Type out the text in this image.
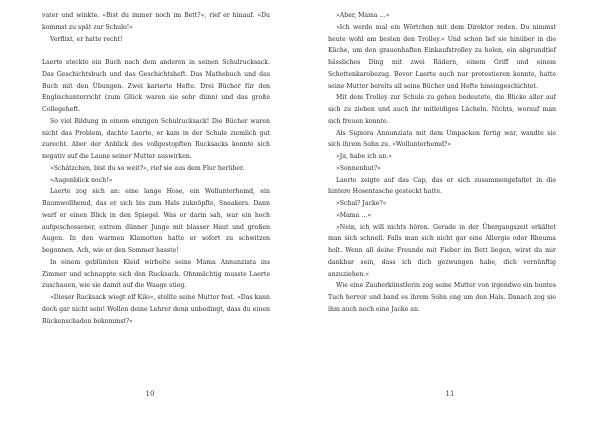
vater und winkte. »Bist du immer noch im Bett?«, rief er hinauf. »Du kommst zu spät zur Schule!«

Verflixt, er hatte recht!

Laerte steckte ein Buch nach dem anderen in seinen Schulrucksack. Das Geschichtsbuch und das Geschichtsheft. Das Mathebuch und das Buch mit den Übungen. Zwei karierte Hefte. Drei Bücher für den Englischunterricht (zum Glück waren sie sehr dünn) und das große Collegeheft.

So viel Bildung in einem einzigen Schulrucksack! Die Bücher waren nicht das Problem, dachte Laerte, er kam in der Schule ziemlich gut zurecht. Aber der Anblick des vollgestopften Rucksacks konnte sich negativ auf die Laune seiner Mutter auswirken.

»Schätzchen, bist du so weit?«, rief sie aus dem Flur herüber.

»Augenblick noch!«

Laerte zog sich an: eine lange Hose, ein Wollunterhemd, ein Baumwollhemd, das er sich bis zum Hals zuknöpfte, Sneakers. Dann warf er einen Blick in den Spiegel. Was er darin sah, war ein hoch aufgeschossener, extrem dünner Junge mit blasser Haut und großen Augen. In den warmen Klamotten hatte er sofort zu schwitzen begonnen. Ach, wie er den Sommer hasste!

In einem geblümten Kleid wirbelte seine Mama Annunziata ins Zimmer und schnappte sich den Rucksack. Ohnmächtig musste Laerte zuschauen, wie sie damit auf die Waage stieg.

»Dieser Rucksack wiegt elf Kilo«, stellte seine Mutter fest. »Das kann doch gar nicht sein! Wollen deine Lehrer denn unbedingt, dass du einen Rückenschaden bekommst?«

10

»Aber, Mama …«

»Ich werde mal ein Wörtchen mit dem Direktor reden. Du nimmst heute wohl am besten den Trolley.« Und schon lief sie hinüber in die Küche, um den grauenhaften Einkaufstrolley zu holen, ein abgrundtief hässliches Ding mit zwei Rädern, einem Griff und einem Schottenkarobezug. Bevor Laerte auch nur protestieren konnte, hatte seine Mutter bereits all seine Bücher und Hefte hineingeschichtet.

Mit dem Trolley zur Schule zu gehen bedeutete, die Blicke aller auf sich zu ziehen und auch ihr mitleidiges Lächeln. Nichts, worauf man sich freuen konnte.

Als Signora Annunziata mit dem Umpacken fertig war, wandte sie sich ihrem Sohn zu. »Wollunterhemd?«

»Ja, habe ich an.«

»Sonnenhut?«

Laerte zeigte auf das Cap, das er sich zusammengefaltet in die hintere Hosentasche gesteckt hatte.

»Schal? Jacke?«

»Mama …«

»Nein, ich will nichts hören. Gerade in der Übergangszeit erkältet man sich schnell. Falls man sich nicht gar eine Allergie oder Rheuma holt. Wenn all deine Freunde mit Fieber im Bett liegen, wirst du mir dankbar sein, dass ich dich gezwungen habe, dich vernünftig anzuziehen.«

Wie eine Zauberkünstlerin zog seine Mutter von irgendwo ein buntes Tuch hervor und band es ihrem Sohn eng um den Hals. Danach zog sie ihm auch noch eine Jacke an.

11
